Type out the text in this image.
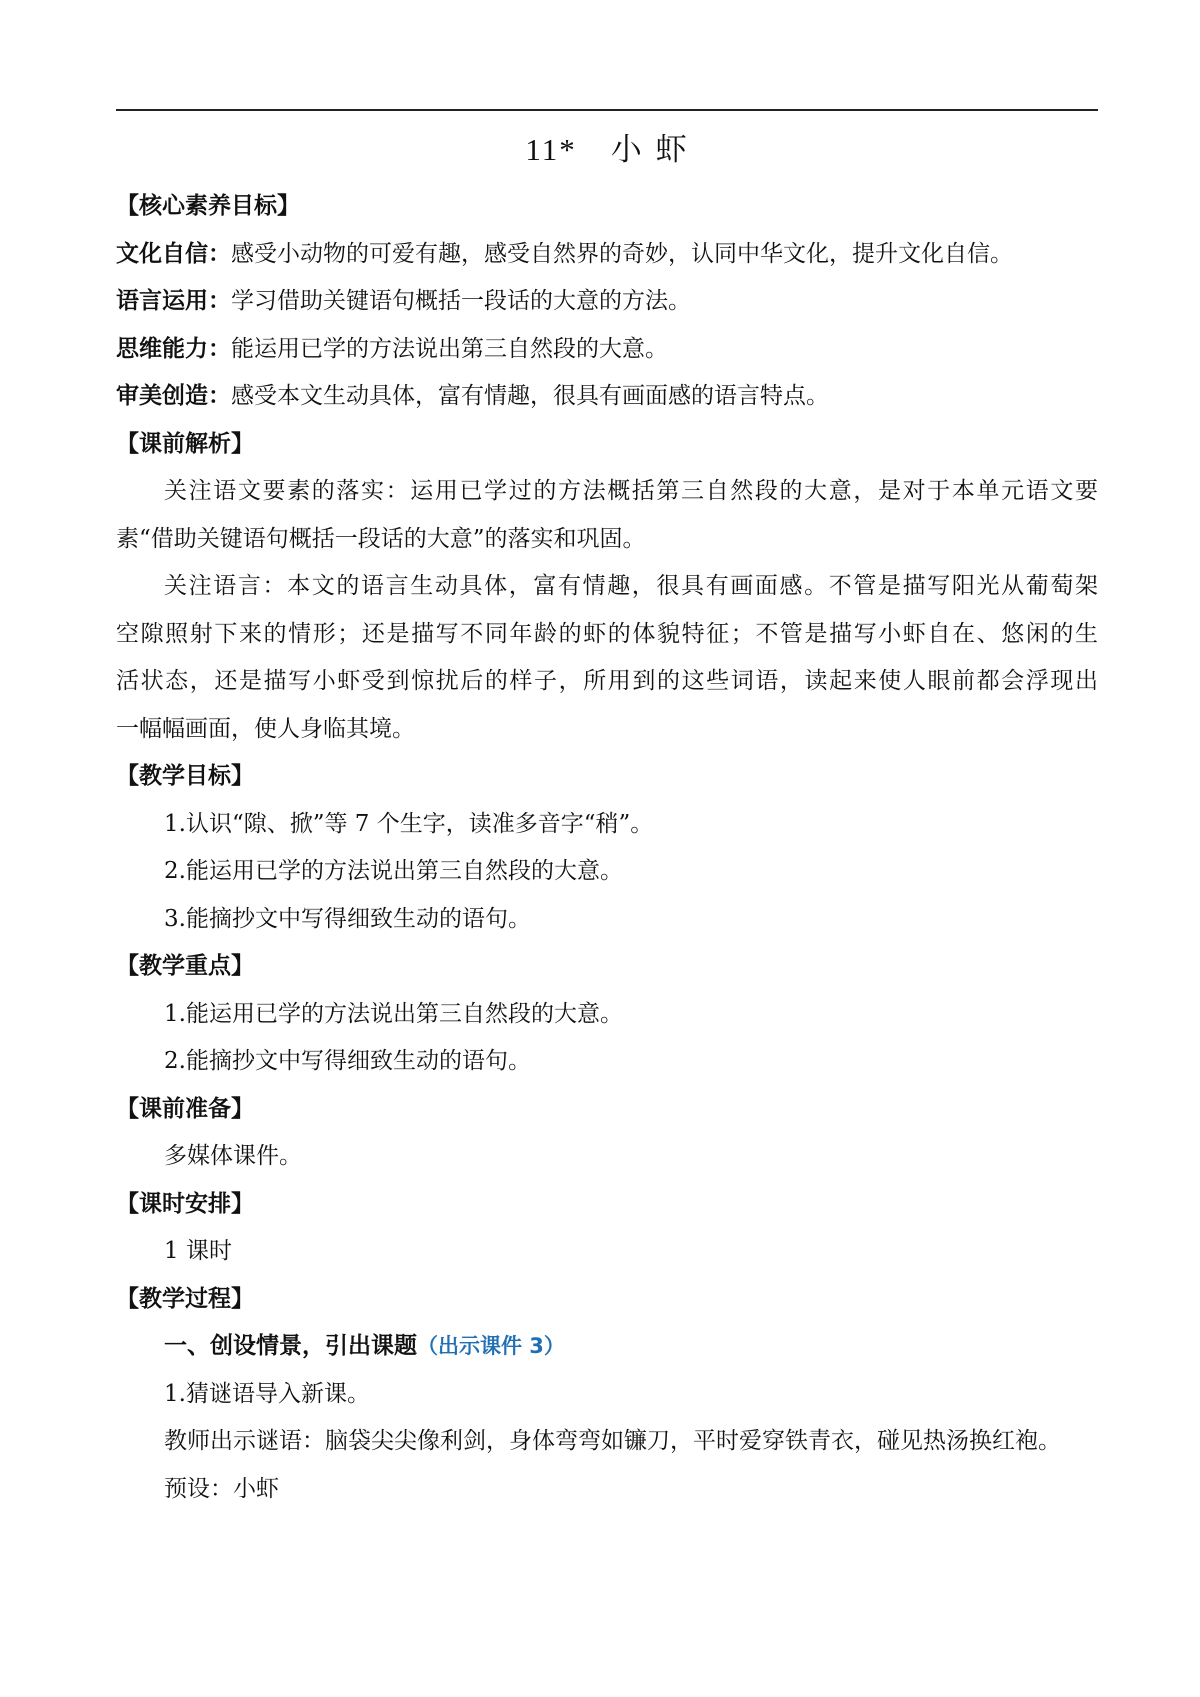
11* 小 虾
【核心素养目标】
文化自信：感受小动物的可爱有趣，感受自然界的奇妙，认同中华文化，提升文化自信。
语言运用：学习借助关键语句概括一段话的大意的方法。
思维能力：能运用已学的方法说出第三自然段的大意。
审美创造：感受本文生动具体，富有情趣，很具有画面感的语言特点。
【课前解析】
关注语文要素的落实：运用已学过的方法概括第三自然段的大意，是对于本单元语文要
素“借助关键语句概括一段话的大意”的落实和巩固。
关注语言：本文的语言生动具体，富有情趣，很具有画面感。不管是描写阳光从葡萄架
空隙照射下来的情形；还是描写不同年龄的虾的体貌特征；不管是描写小虾自在、悠闲的生
活状态，还是描写小虾受到惊扰后的样子，所用到的这些词语，读起来使人眼前都会浮现出
一幅幅画面，使人身临其境。
【教学目标】
1.认识“隙、掀”等 7 个生字，读准多音字“稍”。
2.能运用已学的方法说出第三自然段的大意。
3.能摘抄文中写得细致生动的语句。
【教学重点】
1.能运用已学的方法说出第三自然段的大意。
2.能摘抄文中写得细致生动的语句。
【课前准备】
多媒体课件。
【课时安排】
1 课时
【教学过程】
一、创设情景，引出课题（出示课件 3）
1.猜谜语导入新课。
教师出示谜语：脑袋尖尖像利剑，身体弯弯如镰刀，平时爱穿铁青衣，碰见热汤换红袍。
预设：小虾
